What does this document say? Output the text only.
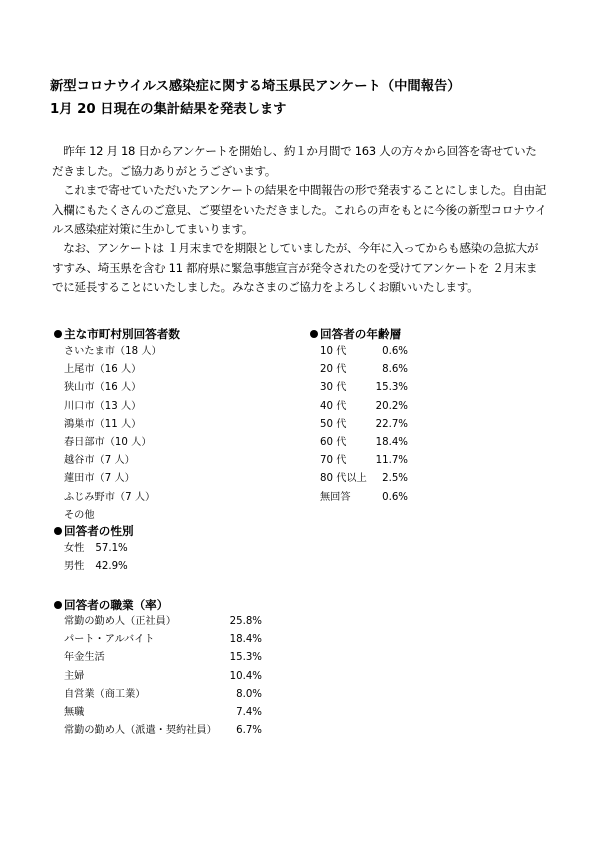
新型コロナウイルス感染症に関する埼玉県民アンケート（中間報告）
1月 20 日現在の集計結果を発表します

　昨年 12 月 18 日からアンケートを開始し、約１か月間で 163 人の方々から回答を寄せていただきました。ご協力ありがとうございます。

　これまで寄せていただいたアンケートの結果を中間報告の形で発表することにしました。自由記入欄にもたくさんのご意見、ご要望をいただきました。これらの声をもとに今後の新型コロナウイルス感染症対策に生かしてまいります。

　なお、アンケートは １月末までを期限としていましたが、今年に入ってからも感染の急拡大がすすみ、埼玉県を含む 11 都府県に緊急事態宣言が発令されたのを受けてアンケートを ２月末までに延長することにいたしました。みなさまのご協力をよろしくお願いいたします。

主な市町村別回答者数
さいたま市（18 人）
上尾市（16 人）
狭山市（16 人）
川口市（13 人）
鴻巣市（11 人）
春日部市（10 人）
越谷市（7 人）
蓮田市（7 人）
ふじみ野市（7 人）
その他
回答者の年齢層
10 代	0.6%
20 代	8.6%
30 代	15.3%
40 代	20.2%
50 代	22.7%
60 代	18.4%
70 代	11.7%
80 代以上 2.5%
無回答	0.6%
回答者の性別
女性 57.1%
男性 42.9%
回答者の職業（率）
常勤の勤め人（正社員）	25.8%
パート・アルバイト	18.4%
年金生活	15.3%
主婦	10.4%
自営業（商工業）	8.0%
無職	7.4%
常勤の勤め人（派遣・契約社員） 6.7%
